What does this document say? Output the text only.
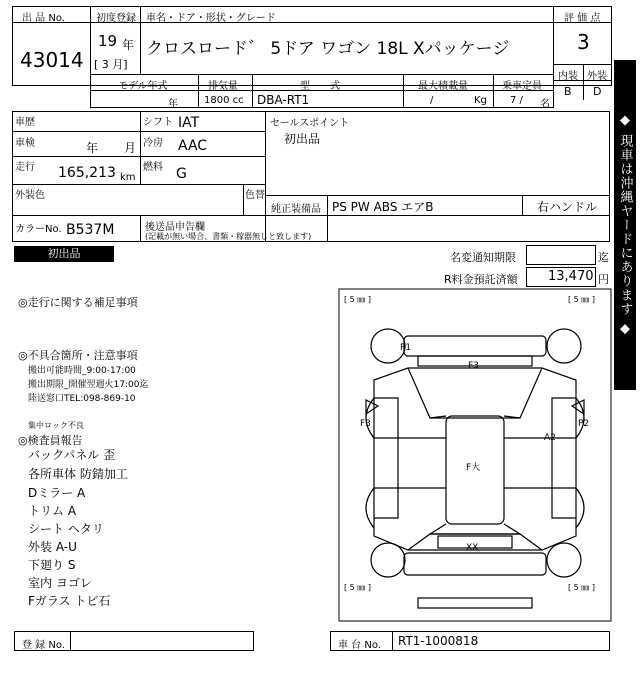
出 品 No.
43014
初度登録
19 年
[ 3 月]
車名・ドア・形状・グレード
クロスロード゛ 5ドア ワゴン 18L Xパッケージ
評 価 点
3
内装 外装
B D
モデル年式
年
排気量
1800 cc
型　　式
DBA-RT1
最大積載量
/	Kg
乗車定員
7 / 名
車歴
車検	年 月
走行 165,213 km
シフト IAT
冷房 AAC
燃料 G
外装色	色替
セールスポイント
初出品
純正装備品 PS PW ABS エアB	右ハンドル
カラーNo. B537M	後送品申告欄
(記載が無い場合、書類・稼器無しと致します)
初出品	名変通知期限	迄
R料金預託済額 13,470 円
◎走行に関する補足事項
◎不具合箇所・注意事項
搬出可能時間_9:00-17:00
搬出期限_開催翌週火17:00迄
陸送窓口TEL:098-869-10
集中ロック不良
◎検査員報告
バックパネル 歪
各所車体 防錆加工
Dミラー A
トリム A
シート ヘタリ
外装 A-U
下廻り S
室内 ヨゴレ
Fガラス トビ石
[ 5 ㎜ ]	[ 5 ㎜ ]
[ 5 ㎜ ]	[ 5 ㎜ ]
P1
F3
F3	P2
A2
F大
XX
◆ 現車は沖縄ヤードにあります ◆
登 録 No.	車 台 No. RT1-1000818
